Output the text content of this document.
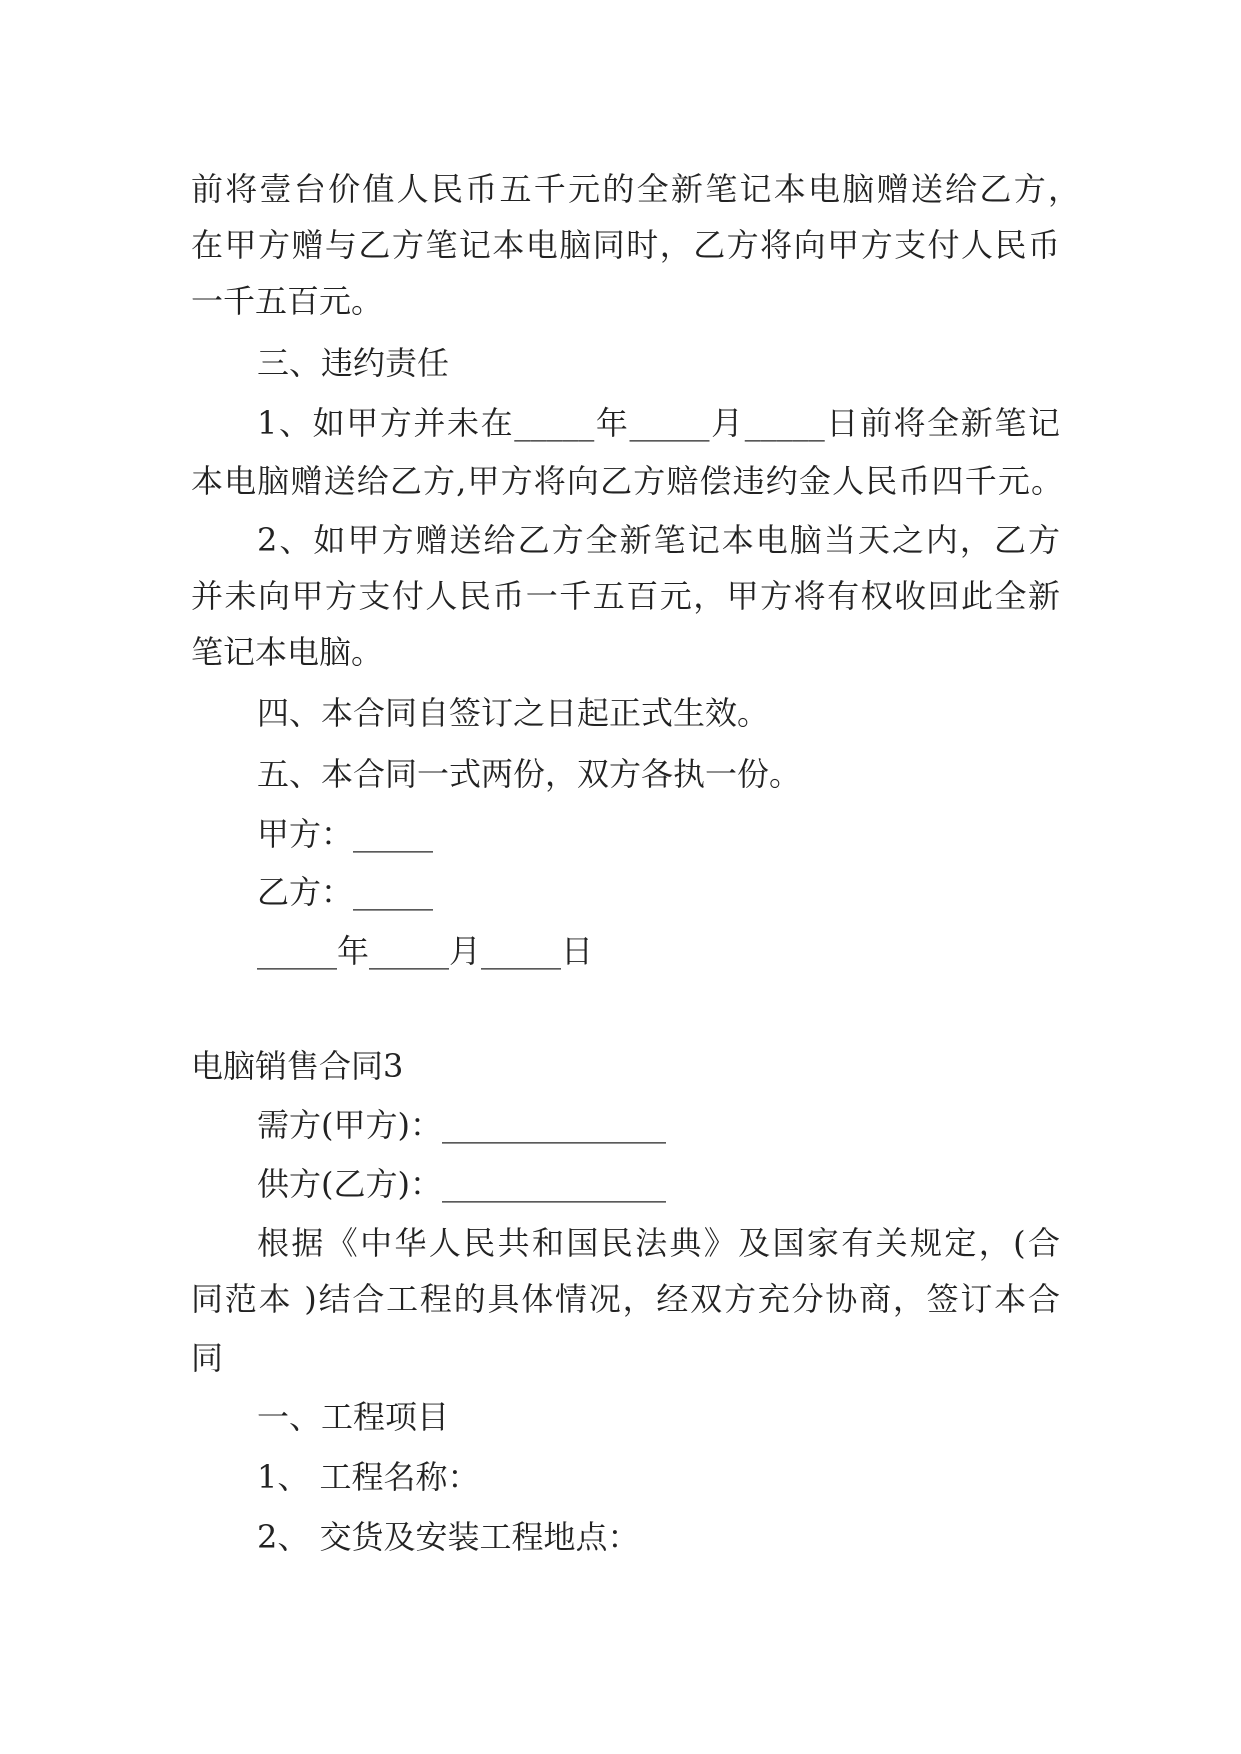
前将壹台价值人民币五千元的全新笔记本电脑赠送给乙方，
在甲方赠与乙方笔记本电脑同时，乙方将向甲方支付人民币
一千五百元。
三、违约责任
1、如甲方并未在_____年_____月_____日前将全新笔记
本电脑赠送给乙方,甲方将向乙方赔偿违约金人民币四千元。
2、如甲方赠送给乙方全新笔记本电脑当天之内，乙方
并未向甲方支付人民币一千五百元，甲方将有权收回此全新
笔记本电脑。
四、本合同自签订之日起正式生效。
五、本合同一式两份，双方各执一份。
甲方：_____
乙方：_____
_____年_____月_____日
电脑销售合同3
需方(甲方)：______________
供方(乙方)：______________
根据《中华人民共和国民法典》及国家有关规定，(合
同范本 )结合工程的具体情况，经双方充分协商，签订本合
同
一、工程项目
1、 工程名称：
2、 交货及安装工程地点：
